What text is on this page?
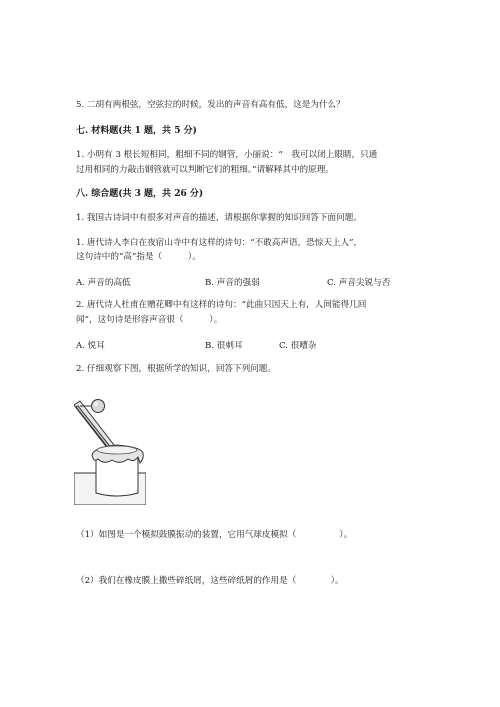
5. 二胡有两根弦，空弦拉的时候，发出的声音有高有低，这是为什么？
七. 材料题(共 1 题，共 5 分)
1. 小明有 3 根长短相同，粗细不同的钢管，小丽说：“　我可以闭上眼睛，只通
过用相同的力敲击钢管就可以判断它们的粗细。”请解释其中的原理。
八. 综合题(共 3 题，共 26 分)
1. 我国古诗词中有很多对声音的描述，请根据你掌握的知识回答下面问题。
1. 唐代诗人李白在夜宿山寺中有这样的诗句：“不敢高声语，恐惊天上人”，
这句诗中的“高”指是（　　　）。
A. 声音的高低	B. 声音的强弱	C. 声音尖锐与否
2. 唐代诗人杜甫在赠花卿中有这样的诗句：“此曲只因天上有，人间能得几回
闻”，这句诗是形容声音很（　　　）。
A. 悦耳	B. 很刺耳	C. 很嘈杂
2. 仔细观察下图，根据所学的知识，回答下列问题。
（1）如图是一个模拟鼓膜振动的装置，它用气球皮模拟（　　　　　）。
（2）我们在橡皮膜上撒些碎纸屑，这些碎纸屑的作用是（　　　　）。
